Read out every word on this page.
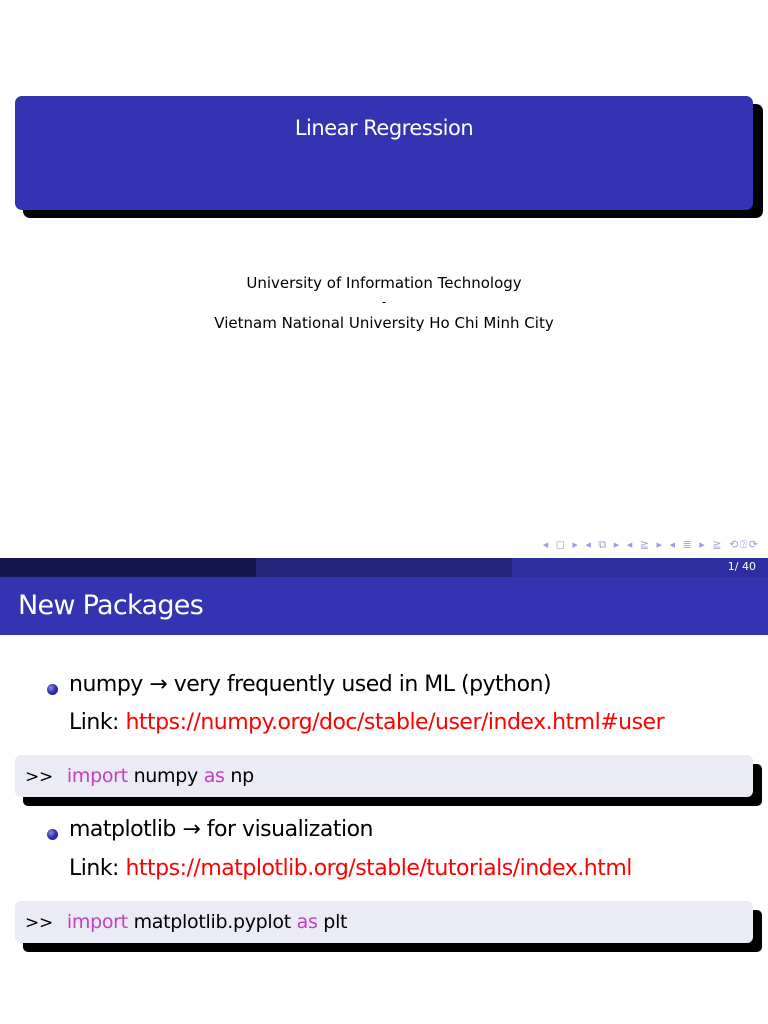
Linear Regression
University of Information Technology
-
Vietnam National University Ho Chi Minh City
◂ ◻ ▸ ◂ ⧉ ▸ ◂ ≧ ▸ ◂ ≣ ▸ ≧ ⟲⍰⟳
1/ 40
New Packages
numpy → very frequently used in ML (python)
Link: https://numpy.org/doc/stable/user/index.html#user
>> import numpy as np
matplotlib → for visualization
Link: https://matplotlib.org/stable/tutorials/index.html
>> import matplotlib.pyplot as plt
